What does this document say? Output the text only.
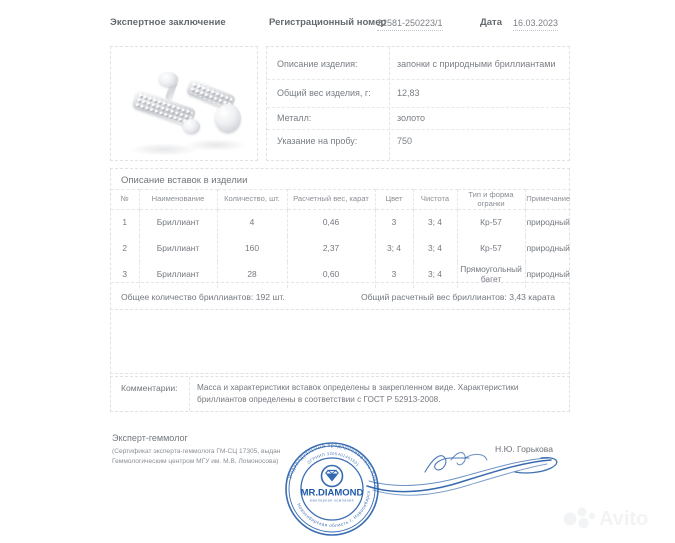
Экспертное заключение	Регистрационный номер
22581-250223/1	Дата 16.03.2023
Описание изделия:	запонки с природными бриллиантами
Общий вес изделия, г:	12,83
Металл:	золото
Указание на пробу:	750
Описание вставок в изделии
№	Наименование	Количество, шт.	Расчетный вес, карат	Цвет	Чистота	Тип и форма огранки	Примечание
1	Бриллиант	4	0,46	3	3; 4	Кр-57	природный
2	Бриллиант	160	2,37	3; 4	3; 4	Кр-57	природный
3	Бриллиант	28	0,60	3	3; 4	Прямоугольный багет	природный
Общее количество бриллиантов: 192 шт.	Общий расчетный вес бриллиантов: 3,43 карата
Комментарии: Масса и характеристики вставок определены в закрепленном виде. Характеристики бриллиантов определены в соответствии с ГОСТ Р 52913-2008.
Эксперт-геммолог
(Сертификат эксперта-геммолога ГМ-СЦ 17305, выдан Геммологическим центром МГУ им. М.В. Ломоносова)
Н.Ю. Горькова
Индивидуальный предприниматель Алекс
Новосибирская область г. Новосибирск
ОГРНИП 3205401401501
MR.DIAMOND
ювелирная компания
Avito
